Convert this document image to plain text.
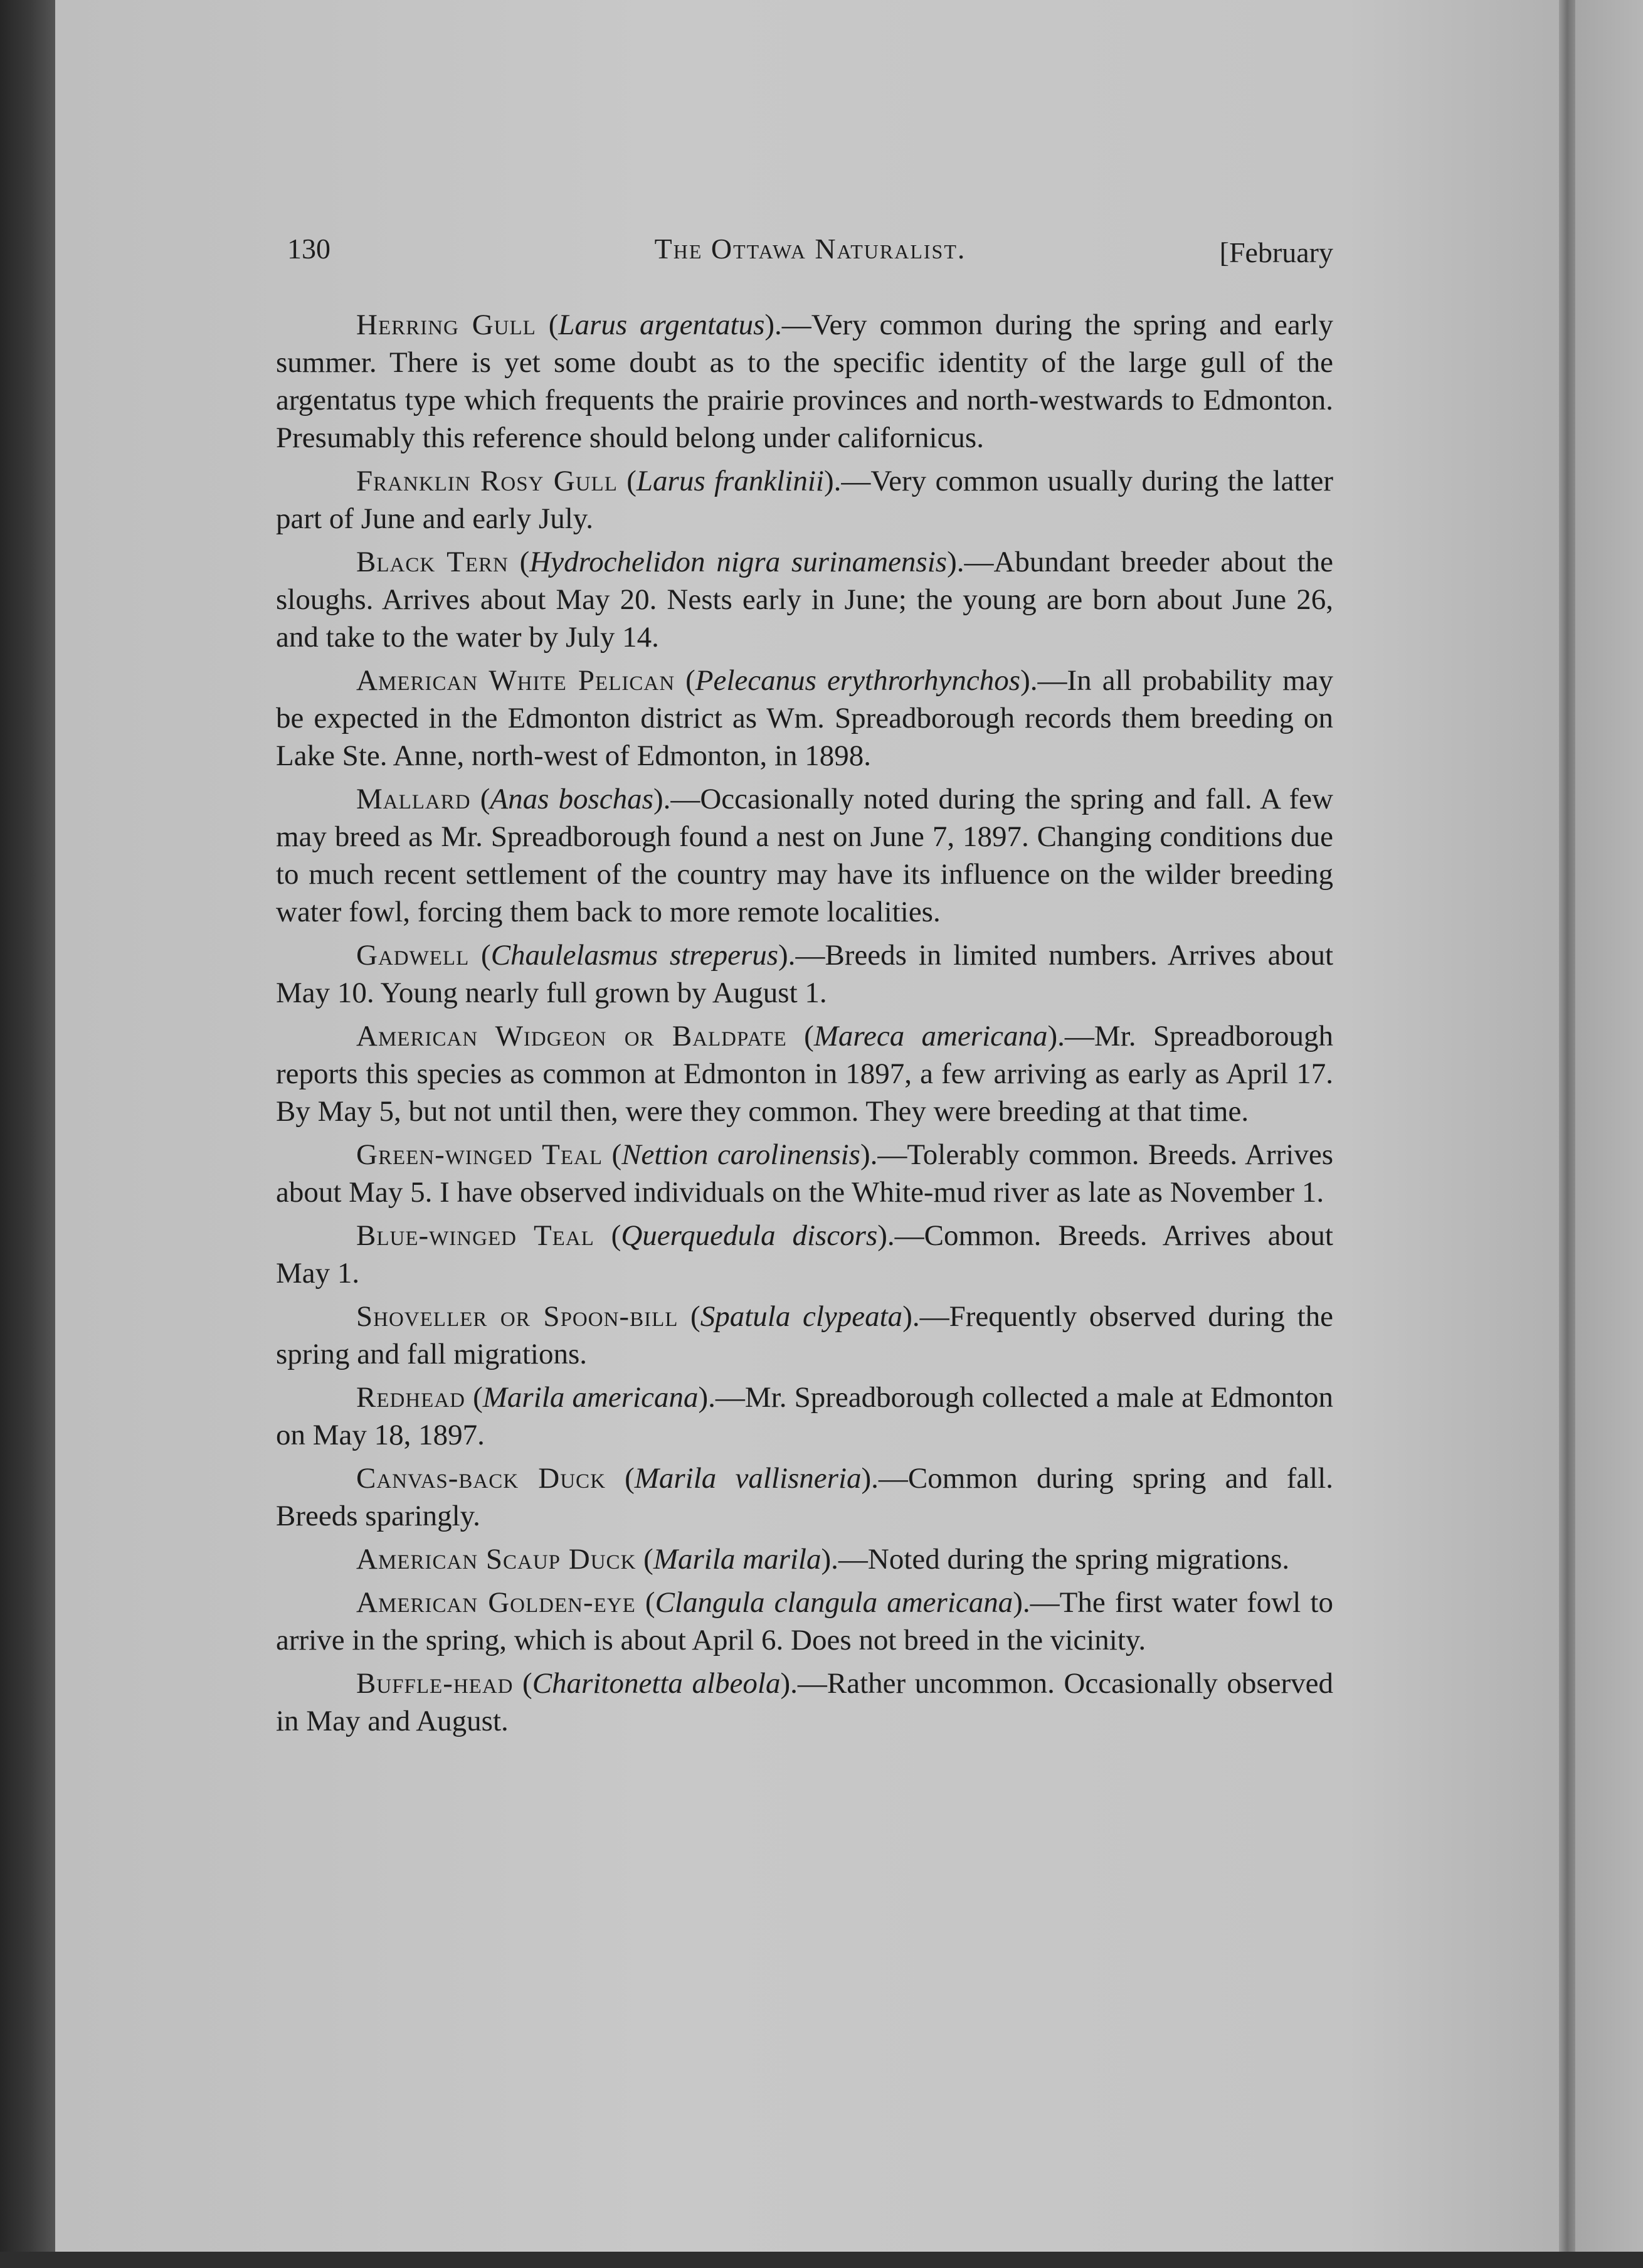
130	The Ottawa Naturalist.	[February

Herring Gull (Larus argentatus).—Very common during the spring and early summer. There is yet some doubt as to the specific identity of the large gull of the argentatus type which frequents the prairie provinces and north-westwards to Edmonton. Presumably this reference should belong under californicus.

Franklin Rosy Gull (Larus franklinii).—Very common usually during the latter part of June and early July.

Black Tern (Hydrochelidon nigra surinamensis).—Abundant breeder about the sloughs. Arrives about May 20. Nests early in June; the young are born about June 26, and take to the water by July 14.

American White Pelican (Pelecanus erythrorhynchos).—In all probability may be expected in the Edmonton district as Wm. Spreadborough records them breeding on Lake Ste. Anne, north-west of Edmonton, in 1898.

Mallard (Anas boschas).—Occasionally noted during the spring and fall. A few may breed as Mr. Spreadborough found a nest on June 7, 1897. Changing conditions due to much recent settlement of the country may have its influence on the wilder breeding water fowl, forcing them back to more remote localities.

Gadwell (Chaulelasmus streperus).—Breeds in limited numbers. Arrives about May 10. Young nearly full grown by August 1.

American Widgeon or Baldpate (Mareca americana).—Mr. Spreadborough reports this species as common at Edmonton in 1897, a few arriving as early as April 17. By May 5, but not until then, were they common. They were breeding at that time.

Green-winged Teal (Nettion carolinensis).—Tolerably common. Breeds. Arrives about May 5. I have observed individuals on the White-mud river as late as November 1.

Blue-winged Teal (Querquedula discors).—Common. Breeds. Arrives about May 1.

Shoveller or Spoon-bill (Spatula clypeata).—Frequently observed during the spring and fall migrations.

Redhead (Marila americana).—Mr. Spreadborough collected a male at Edmonton on May 18, 1897.

Canvas-back Duck (Marila vallisneria).—Common during spring and fall. Breeds sparingly.

American Scaup Duck (Marila marila).—Noted during the spring migrations.

American Golden-eye (Clangula clangula americana).—The first water fowl to arrive in the spring, which is about April 6. Does not breed in the vicinity.

Buffle-head (Charitonetta albeola).—Rather uncommon. Occasionally observed in May and August.
